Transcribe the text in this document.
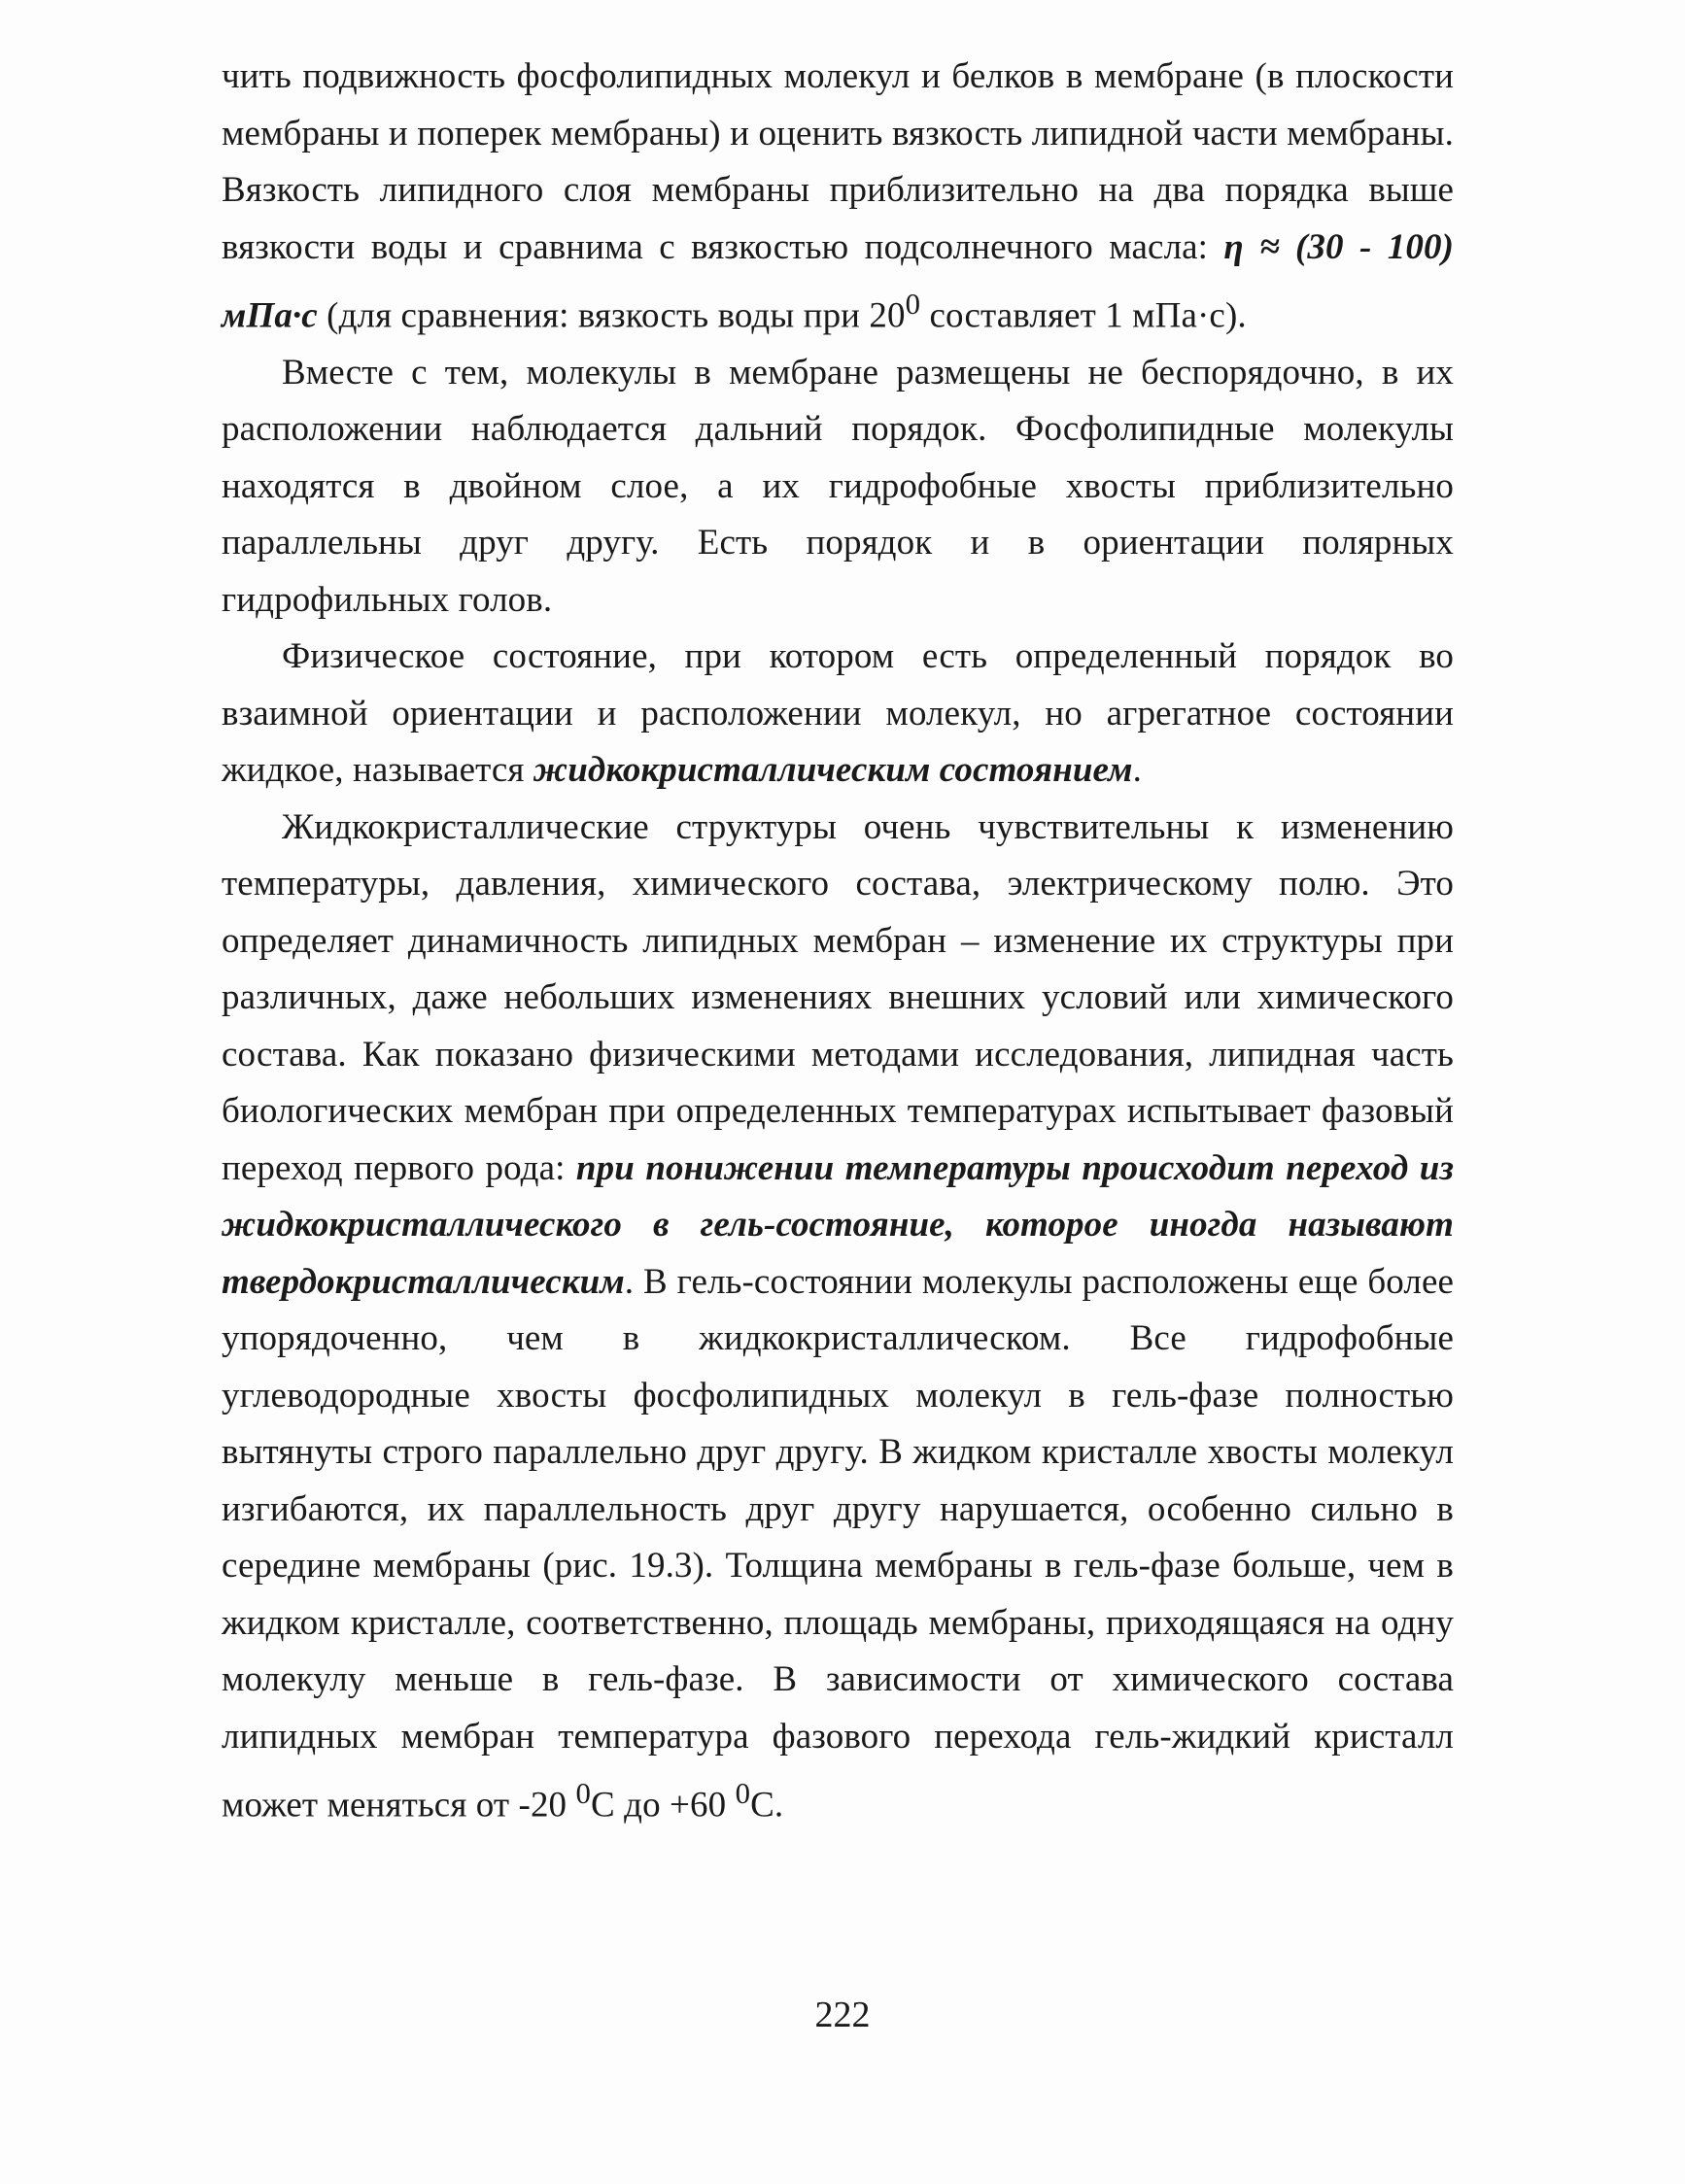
чить подвижность фосфолипидных молекул и белков в мембране (в плоскости мембраны и поперек мембраны) и оценить вязкость липидной части мембраны. Вязкость липидного слоя мембраны приблизительно на два порядка выше вязкости воды и сравнима с вязкостью подсолнечного масла: η ≈ (30 - 100) мПа·с (для сравнения: вязкость воды при $20^0$ составляет 1 мПа·с).

Вместе с тем, молекулы в мембране размещены не беспорядочно, в их расположении наблюдается дальний порядок. Фосфолипидные молекулы находятся в двойном слое, а их гидрофобные хвосты приблизительно параллельны друг другу. Есть порядок и в ориентации полярных гидрофильных голов.

Физическое состояние, при котором есть определенный порядок во взаимной ориентации и расположении молекул, но агрегатное состоянии жидкое, называется жидкокристаллическим состоянием.

Жидкокристаллические структуры очень чувствительны к изменению температуры, давления, химического состава, электрическому полю. Это определяет динамичность липидных мембран – изменение их структуры при различных, даже небольших изменениях внешних условий или химического состава. Как показано физическими методами исследования, липидная часть биологических мембран при определенных температурах испытывает фазовый переход первого рода: при понижении температуры происходит переход из жидкокристаллического в гель-состояние, которое иногда называют твердокристаллическим. В гель-состоянии молекулы расположены еще более упорядоченно, чем в жидкокристаллическом. Все гидрофобные углеводородные хвосты фосфолипидных молекул в гель-фазе полностью вытянуты строго параллельно друг другу. В жидком кристалле хвосты молекул изгибаются, их параллельность друг другу нарушается, особенно сильно в середине мембраны (рис. 19.3). Толщина мембраны в гель-фазе больше, чем в жидком кристалле, соответственно, площадь мембраны, приходящаяся на одну молекулу меньше в гель-фазе. В зависимости от химического состава липидных мембран температура фазового перехода гель-жидкий кристалл может меняться от -20 $^0$С до +60 $^0$С.

222
